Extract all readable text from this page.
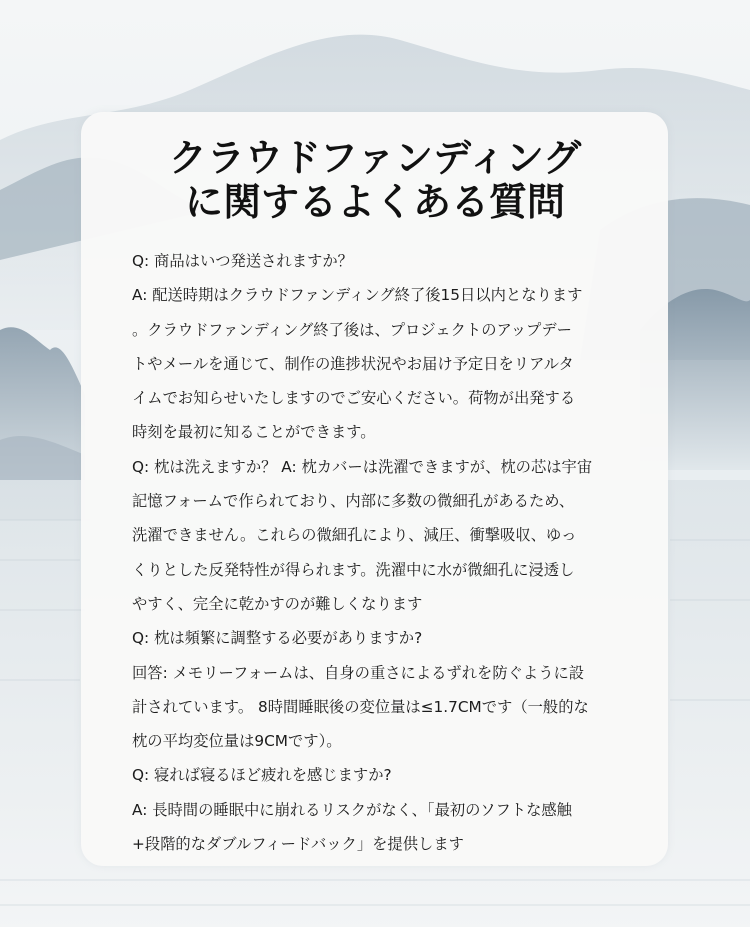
クラウドファンディング
に関するよくある質問
Q: 商品はいつ発送されますか？
A: 配送時期はクラウドファンディング終了後15日以内となります
。クラウドファンディング終了後は、プロジェクトのアップデー
トやメールを通じて、制作の進捗状況やお届け予定日をリアルタ
イムでお知らせいたしますのでご安心ください。荷物が出発する
時刻を最初に知ることができます。
Q: 枕は洗えますか？ A: 枕カバーは洗濯できますが、枕の芯は宇宙
記憶フォームで作られており、内部に多数の微細孔があるため、
洗濯できません。これらの微細孔により、減圧、衝撃吸収、ゆっ
くりとした反発特性が得られます。洗濯中に水が微細孔に浸透し
やすく、完全に乾かすのが難しくなります
Q: 枕は頻繁に調整する必要がありますか?
回答: メモリーフォームは、自身の重さによるずれを防ぐように設
計されています。 8時間睡眠後の変位量は≤1.7CMです（一般的な
枕の平均変位量は9CMです）。
Q: 寝れば寝るほど疲れを感じますか?
A: 長時間の睡眠中に崩れるリスクがなく、「最初のソフトな感触
+段階的なダブルフィードバック」を提供します
